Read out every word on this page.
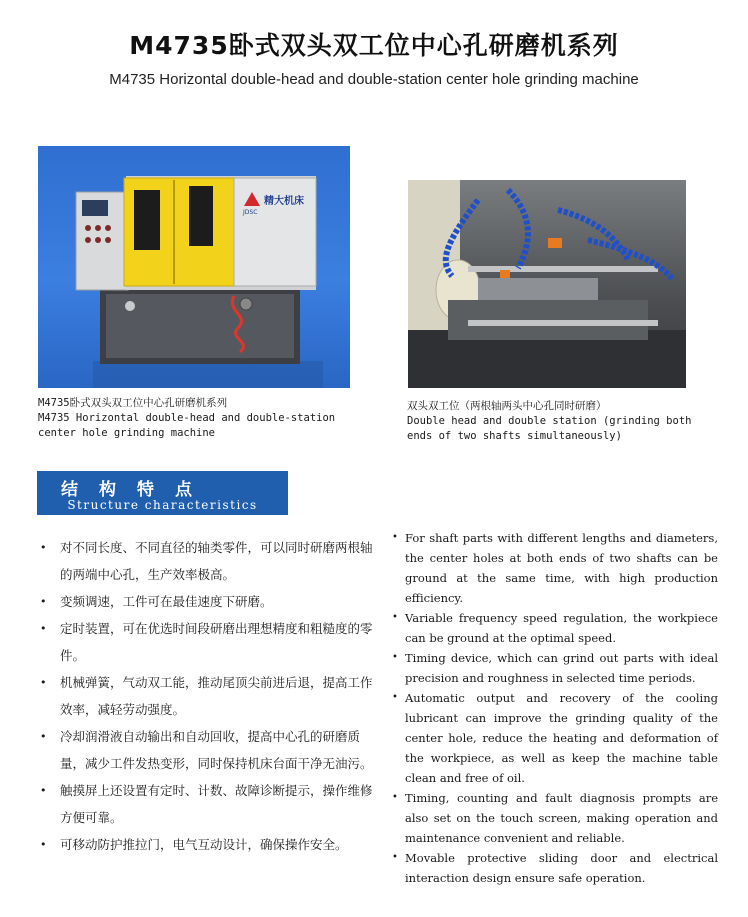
M4735卧式双头双工位中心孔研磨机系列
M4735 Horizontal double-head and double-station center hole grinding machine
精大机床
JDSC
M4735卧式双头双工位中心孔研磨机系列
M4735 Horizontal double-head and double-station
center hole grinding machine
双头双工位（两根轴两头中心孔同时研磨）
Double head and double station (grinding both
ends of two shafts simultaneously)
结构特点
Structure characteristics
• 对不同长度、不同直径的轴类零件，可以同时研磨两根轴的两端中心孔，生产效率极高。
• 变频调速，工件可在最佳速度下研磨。
• 定时装置，可在优选时间段研磨出理想精度和粗糙度的零件。
• 机械弹簧，气动双工能，推动尾顶尖前进后退，提高工作效率，减轻劳动强度。
• 冷却润滑液自动输出和自动回收，提高中心孔的研磨质量，减少工件发热变形，同时保持机床台面干净无油污。
• 触摸屏上还设置有定时、计数、故障诊断提示，操作维修方便可靠。
• 可移动防护推拉门，电气互动设计，确保操作安全。
• For shaft parts with different lengths and diameters, the center holes at both ends of two shafts can be ground at the same time, with high production efficiency.
• Variable frequency speed regulation, the workpiece can be ground at the optimal speed.
• Timing device, which can grind out parts with ideal precision and roughness in selected time periods.
• Automatic output and recovery of the cooling lubricant can improve the grinding quality of the center hole, reduce the heating and deformation of the workpiece, as well as keep the machine table clean and free of oil.
• Timing, counting and fault diagnosis prompts are also set on the touch screen, making operation and maintenance convenient and reliable.
• Movable protective sliding door and electrical interaction design ensure safe operation.
